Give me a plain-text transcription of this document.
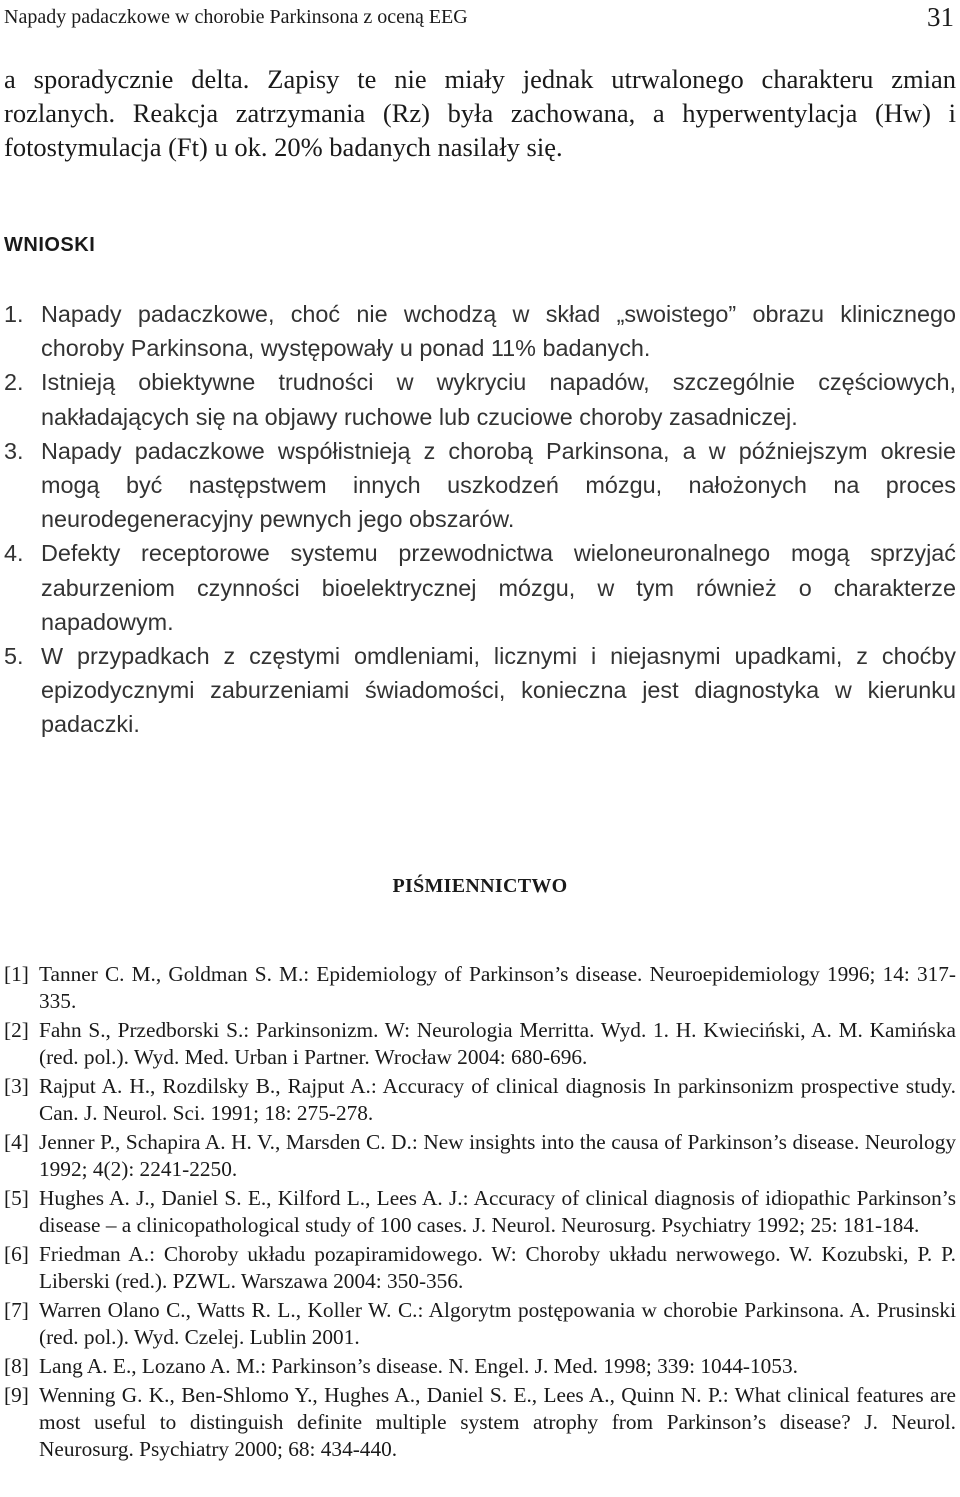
Napady padaczkowe w chorobie Parkinsona z oceną EEG	31

a sporadycznie delta. Zapisy te nie miały jednak utrwalonego charakteru zmian rozlanych. Reakcja zatrzymania (Rz) była zachowana, a hyperwentylacja (Hw) i fotostymulacja (Ft) u ok. 20% badanych nasilały się.

WNIOSKI
1. Napady padaczkowe, choć nie wchodzą w skład „swoistego” obrazu klinicznego choroby Parkinsona, występowały u ponad 11% badanych.
2. Istnieją obiektywne trudności w wykryciu napadów, szczególnie częściowych, nakładających się na objawy ruchowe lub czuciowe choroby zasadniczej.
3. Napady padaczkowe współistnieją z chorobą Parkinsona, a w późniejszym okresie mogą być następstwem innych uszkodzeń mózgu, nałożonych na proces neurodegeneracyjny pewnych jego obszarów.
4. Defekty receptorowe systemu przewodnictwa wieloneuronalnego mogą sprzyjać zaburzeniom czynności bioelektrycznej mózgu, w tym również o charakterze napadowym.
5. W przypadkach z częstymi omdleniami, licznymi i niejasnymi upadkami, z choćby epizodycznymi zaburzeniami świadomości, konieczna jest diagnostyka w kierunku padaczki.
PIŚMIENNICTWO
[1] Tanner C. M., Goldman S. M.: Epidemiology of Parkinson’s disease. Neuroepidemiology 1996; 14: 317-335.
[2] Fahn S., Przedborski S.: Parkinsonizm. W: Neurologia Merritta. Wyd. 1. H. Kwieciński, A. M. Kamińska (red. pol.). Wyd. Med. Urban i Partner. Wrocław 2004: 680-696.
[3] Rajput A. H., Rozdilsky B., Rajput A.: Accuracy of clinical diagnosis In parkinsonizm prospective study. Can. J. Neurol. Sci. 1991; 18: 275-278.
[4] Jenner P., Schapira A. H. V., Marsden C. D.: New insights into the causa of Parkinson’s disease. Neurology 1992; 4(2): 2241-2250.
[5] Hughes A. J., Daniel S. E., Kilford L., Lees A. J.: Accuracy of clinical diagnosis of idiopathic Parkinson’s disease – a clinicopathological study of 100 cases. J. Neurol. Neurosurg. Psychiatry 1992; 25: 181-184.
[6] Friedman A.: Choroby układu pozapiramidowego. W: Choroby układu nerwowego. W. Kozubski, P. P. Liberski (red.). PZWL. Warszawa 2004: 350-356.
[7] Warren Olano C., Watts R. L., Koller W. C.: Algorytm postępowania w chorobie Parkinsona. A. Prusinski (red. pol.). Wyd. Czelej. Lublin 2001.
[8] Lang A. E., Lozano A. M.: Parkinson’s disease. N. Engel. J. Med. 1998; 339: 1044-1053.
[9] Wenning G. K., Ben-Shlomo Y., Hughes A., Daniel S. E., Lees A., Quinn N. P.: What clinical features are most useful to distinguish definite multiple system atrophy from Parkinson’s disease? J. Neurol. Neurosurg. Psychiatry 2000; 68: 434-440.
